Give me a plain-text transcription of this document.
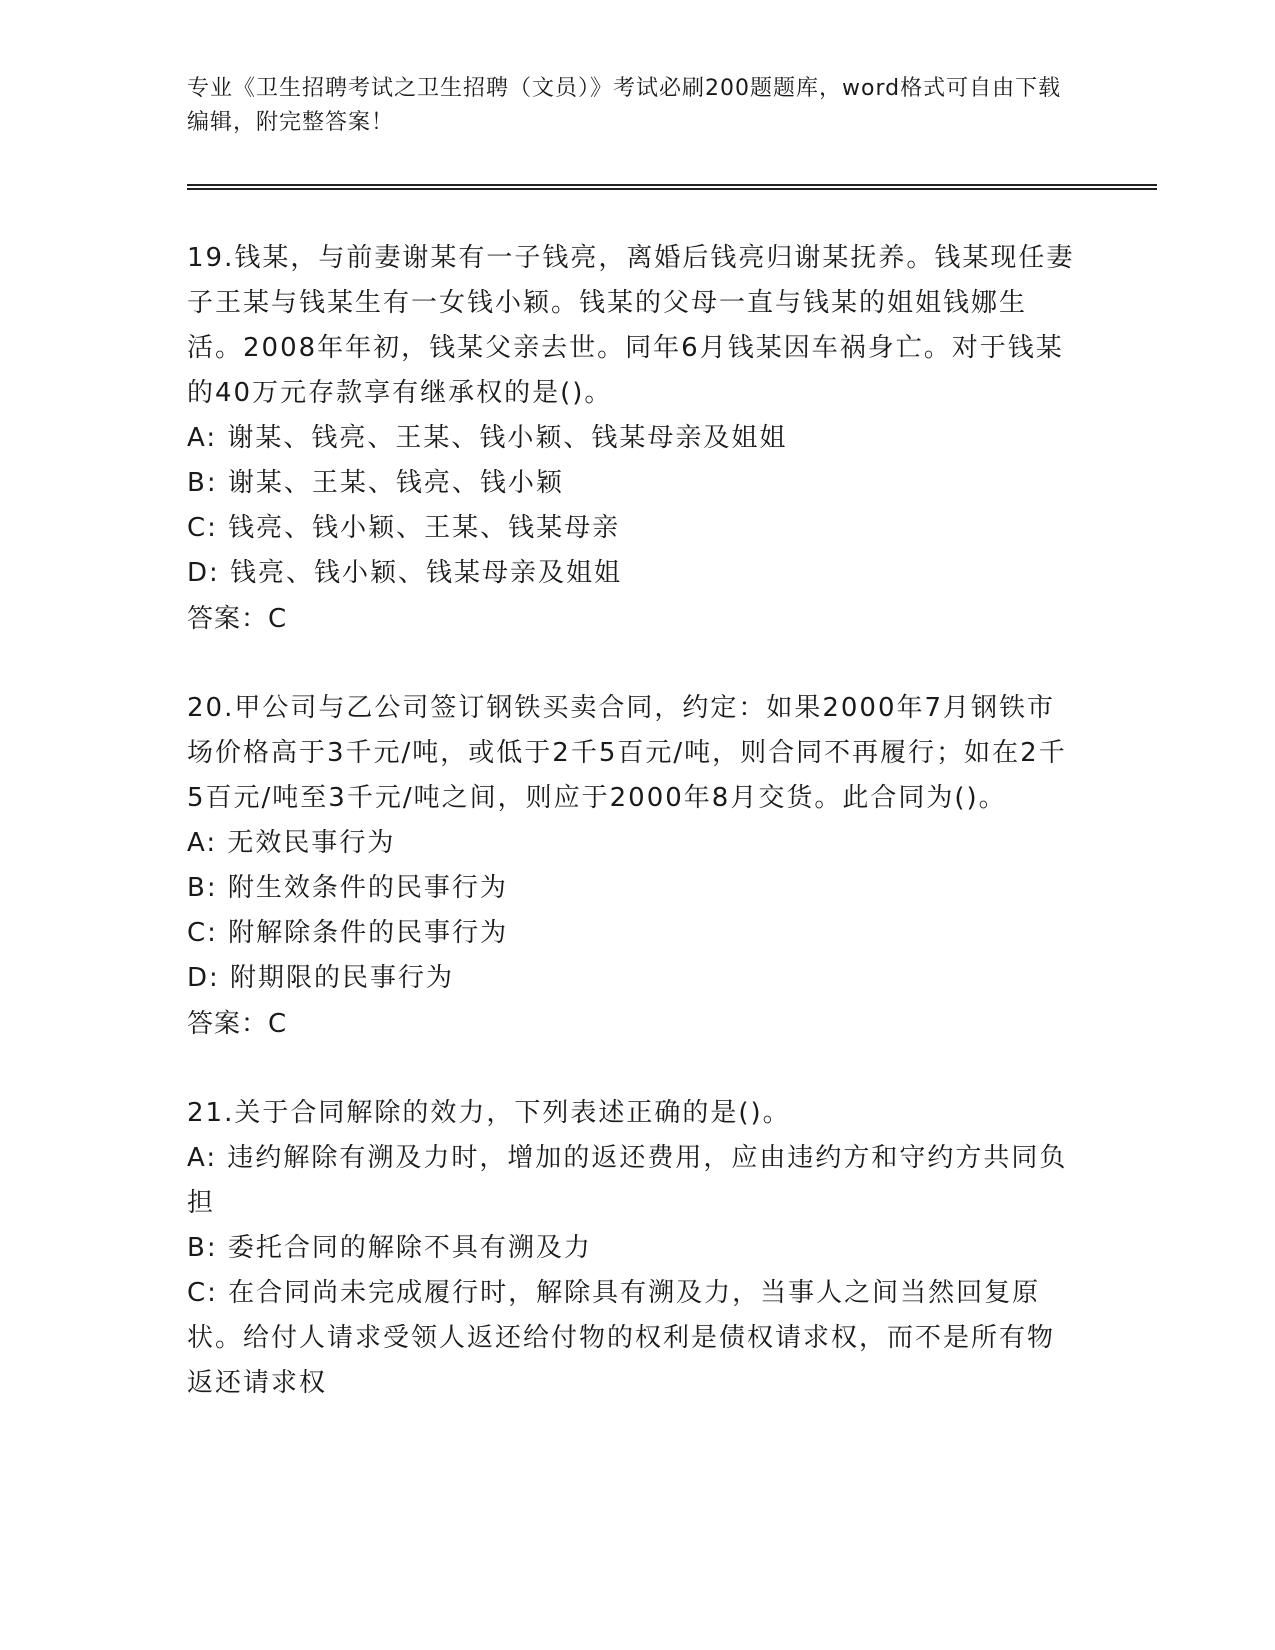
专业《卫生招聘考试之卫生招聘（文员）》考试必刷200题题库，word格式可自由下载编辑，附完整答案！

19.钱某，与前妻谢某有一子钱亮，离婚后钱亮归谢某抚养。钱某现任妻子王某与钱某生有一女钱小颖。钱某的父母一直与钱某的姐姐钱娜生活。2008年年初，钱某父亲去世。同年6月钱某因车祸身亡。对于钱某的40万元存款享有继承权的是()。

A: 谢某、钱亮、王某、钱小颖、钱某母亲及姐姐

B: 谢某、王某、钱亮、钱小颖

C: 钱亮、钱小颖、王某、钱某母亲

D: 钱亮、钱小颖、钱某母亲及姐姐

答案：C

20.甲公司与乙公司签订钢铁买卖合同，约定：如果2000年7月钢铁市场价格高于3千元/吨，或低于2千5百元/吨，则合同不再履行；如在2千5百元/吨至3千元/吨之间，则应于2000年8月交货。此合同为()。

A: 无效民事行为

B: 附生效条件的民事行为

C: 附解除条件的民事行为

D: 附期限的民事行为

答案：C

21.关于合同解除的效力，下列表述正确的是()。

A: 违约解除有溯及力时，增加的返还费用，应由违约方和守约方共同负担

B: 委托合同的解除不具有溯及力

C: 在合同尚未完成履行时，解除具有溯及力，当事人之间当然回复原状。给付人请求受领人返还给付物的权利是债权请求权，而不是所有物返还请求权
